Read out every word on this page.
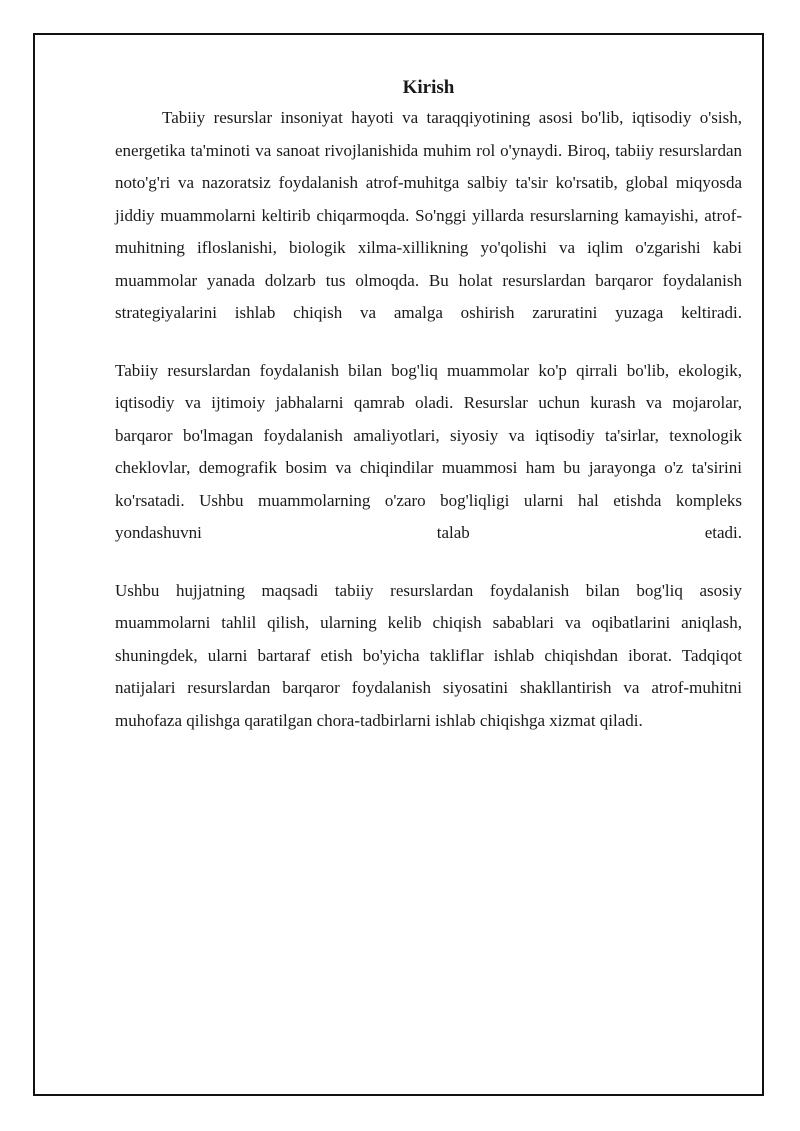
Kirish

Tabiiy resurslar insoniyat hayoti va taraqqiyotining asosi bo'lib, iqtisodiy o'sish, energetika ta'minoti va sanoat rivojlanishida muhim rol o'ynaydi. Biroq, tabiiy resurslardan noto'g'ri va nazoratsiz foydalanish atrof-muhitga salbiy ta'sir ko'rsatib, global miqyosda jiddiy muammolarni keltirib chiqarmoqda. So'nggi yillarda resurslarning kamayishi, atrof-muhitning ifloslanishi, biologik xilma-xillikning yo'qolishi va iqlim o'zgarishi kabi muammolar yanada dolzarb tus olmoqda. Bu holat resurslardan barqaror foydalanish strategiyalarini ishlab chiqish va amalga oshirish zaruratini yuzaga keltiradi.

Tabiiy resurslardan foydalanish bilan bog'liq muammolar ko'p qirrali bo'lib, ekologik, iqtisodiy va ijtimoiy jabhalarni qamrab oladi. Resurslar uchun kurash va mojarolar, barqaror bo'lmagan foydalanish amaliyotlari, siyosiy va iqtisodiy ta'sirlar, texnologik cheklovlar, demografik bosim va chiqindilar muammosi ham bu jarayonga o'z ta'sirini ko'rsatadi. Ushbu muammolarning o'zaro bog'liqligi ularni hal etishda kompleks yondashuvni talab etadi.

Ushbu hujjatning maqsadi tabiiy resurslardan foydalanish bilan bog'liq asosiy muammolarni tahlil qilish, ularning kelib chiqish sabablari va oqibatlarini aniqlash, shuningdek, ularni bartaraf etish bo'yicha takliflar ishlab chiqishdan iborat. Tadqiqot natijalari resurslardan barqaror foydalanish siyosatini shakllantirish va atrof-muhitni muhofaza qilishga qaratilgan chora-tadbirlarni ishlab chiqishga xizmat qiladi.
